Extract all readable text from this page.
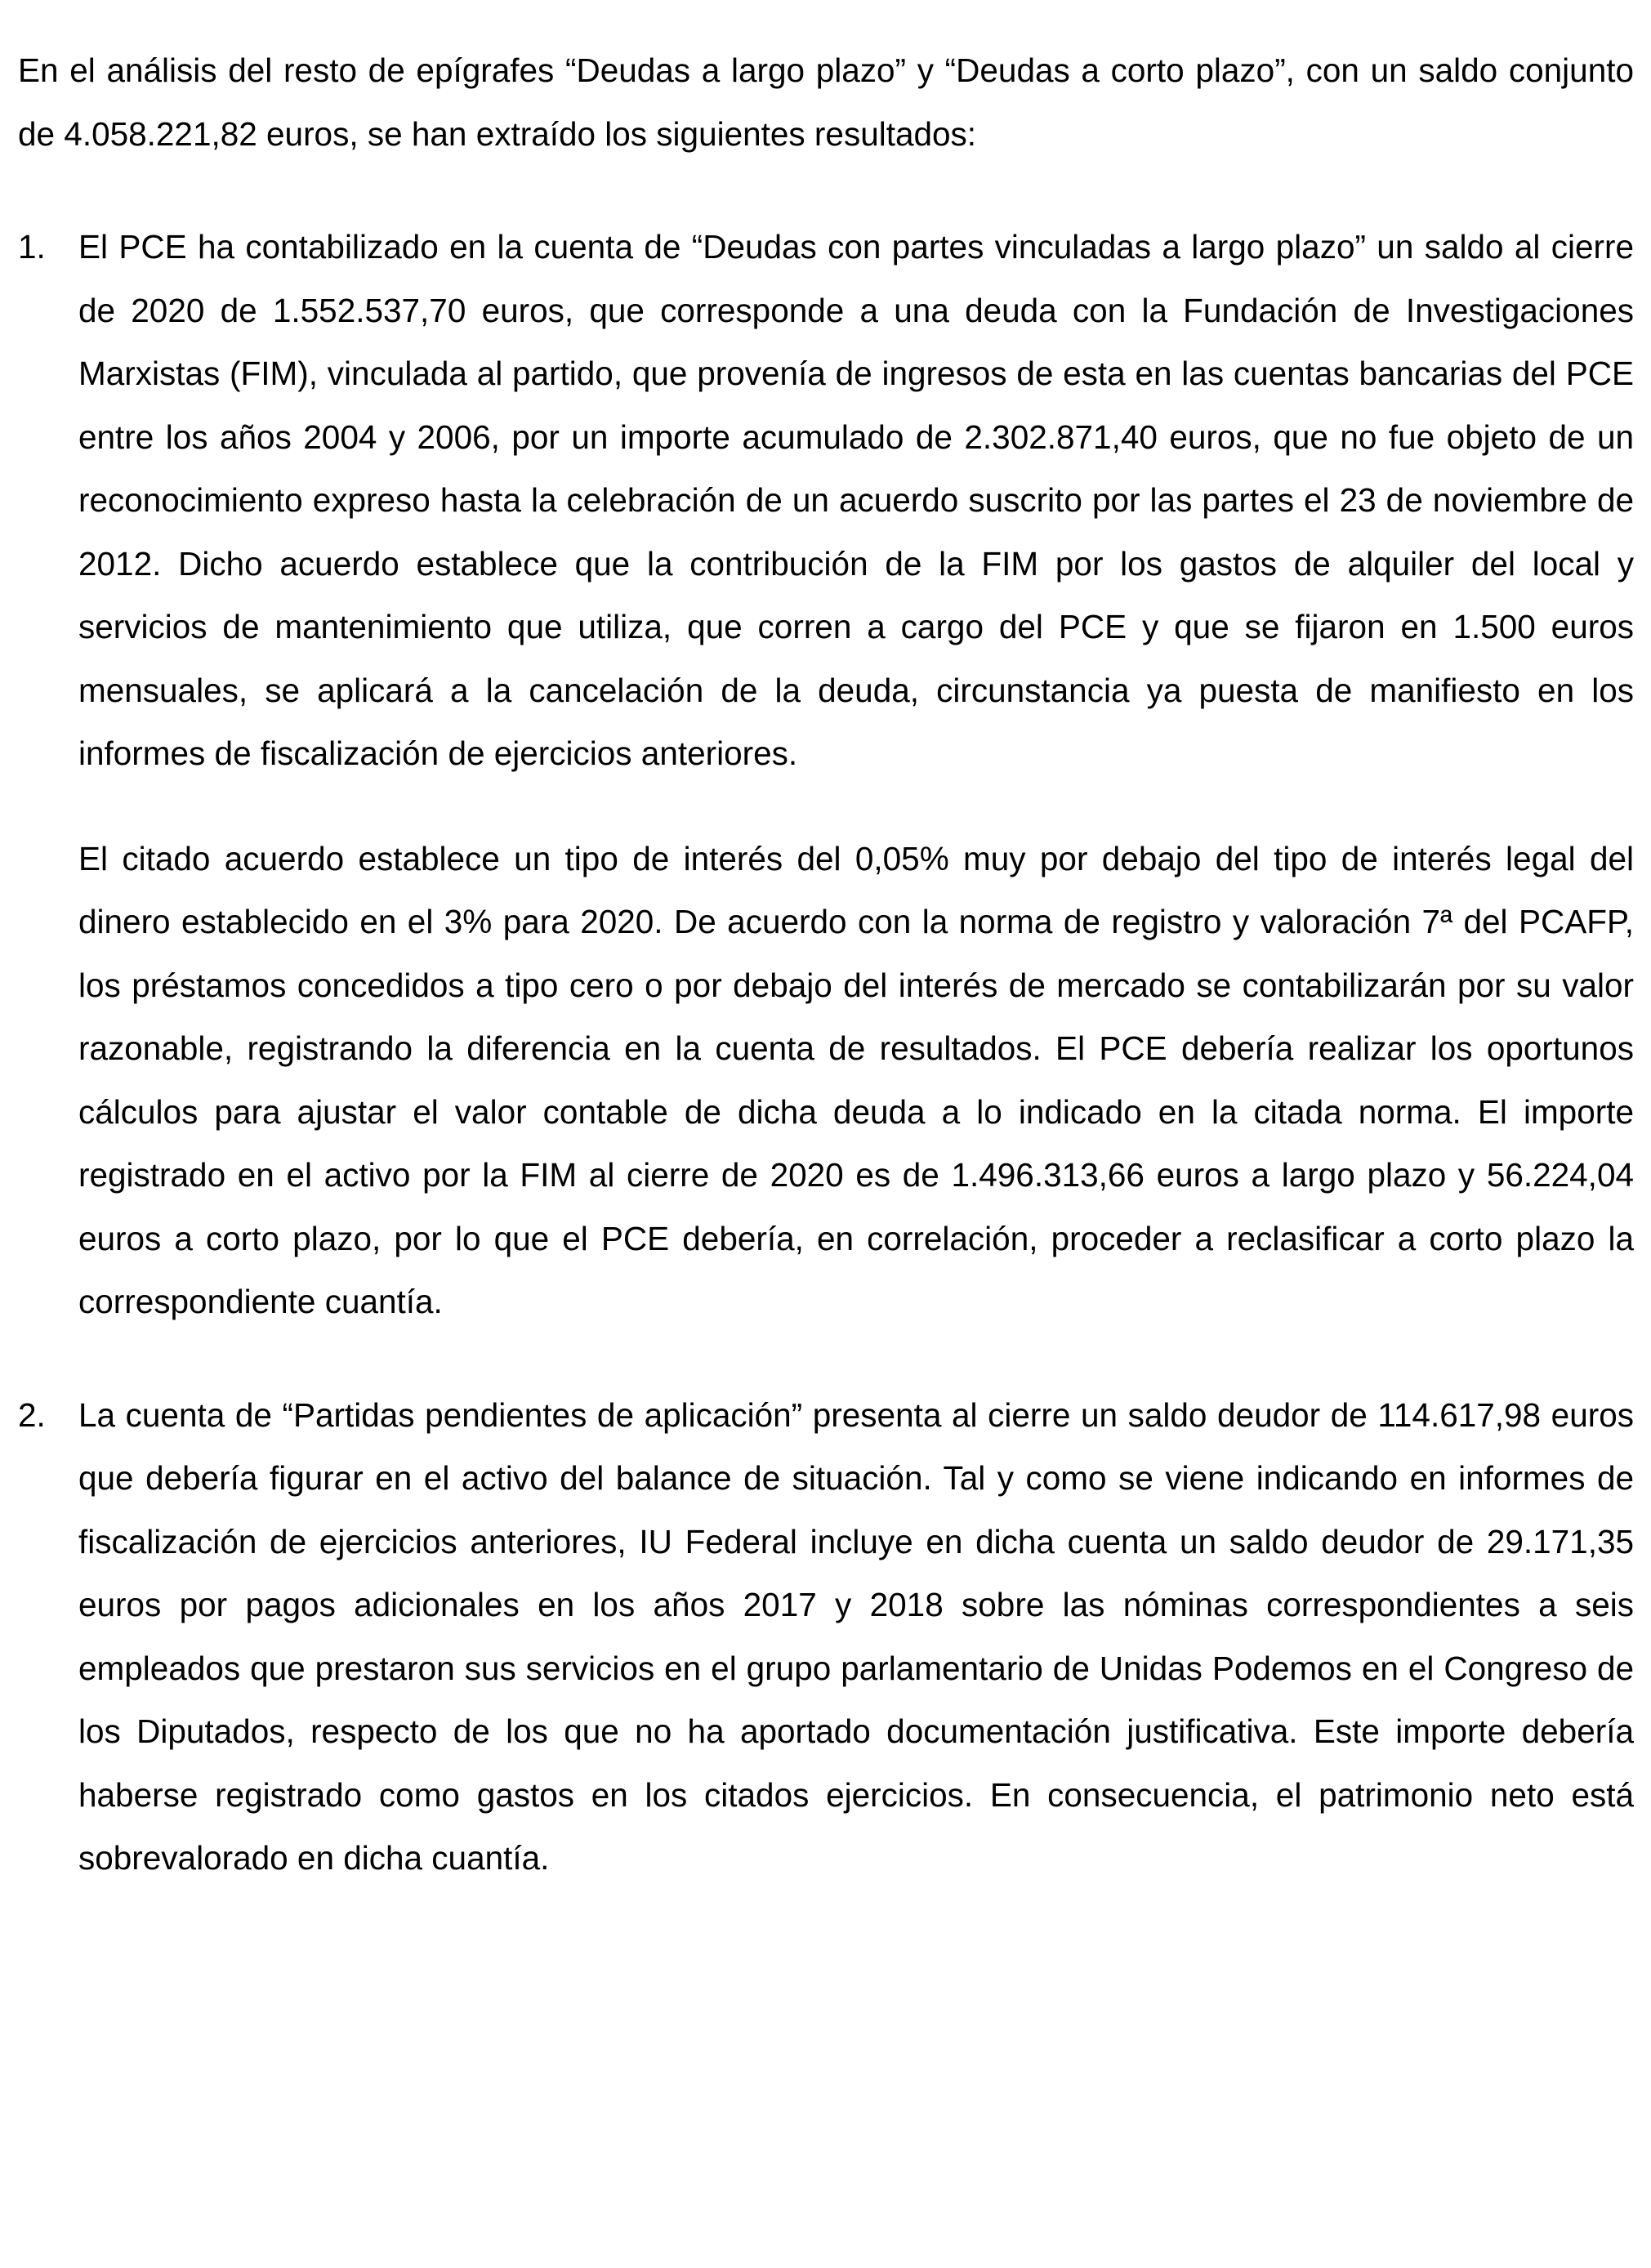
En el análisis del resto de epígrafes “Deudas a largo plazo” y “Deudas a corto plazo”, con un saldo conjunto de 4.058.221,82 euros, se han extraído los siguientes resultados:

1. El PCE ha contabilizado en la cuenta de “Deudas con partes vinculadas a largo plazo” un saldo al cierre de 2020 de 1.552.537,70 euros, que corresponde a una deuda con la Fundación de Investigaciones Marxistas (FIM), vinculada al partido, que provenía de ingresos de esta en las cuentas bancarias del PCE entre los años 2004 y 2006, por un importe acumulado de 2.302.871,40 euros, que no fue objeto de un reconocimiento expreso hasta la celebración de un acuerdo suscrito por las partes el 23 de noviembre de 2012. Dicho acuerdo establece que la contribución de la FIM por los gastos de alquiler del local y servicios de mantenimiento que utiliza, que corren a cargo del PCE y que se fijaron en 1.500 euros mensuales, se aplicará a la cancelación de la deuda, circunstancia ya puesta de manifiesto en los informes de fiscalización de ejercicios anteriores.

El citado acuerdo establece un tipo de interés del 0,05% muy por debajo del tipo de interés legal del dinero establecido en el 3% para 2020. De acuerdo con la norma de registro y valoración 7ª del PCAFP, los préstamos concedidos a tipo cero o por debajo del interés de mercado se contabilizarán por su valor razonable, registrando la diferencia en la cuenta de resultados. El PCE debería realizar los oportunos cálculos para ajustar el valor contable de dicha deuda a lo indicado en la citada norma. El importe registrado en el activo por la FIM al cierre de 2020 es de 1.496.313,66 euros a largo plazo y 56.224,04 euros a corto plazo, por lo que el PCE debería, en correlación, proceder a reclasificar a corto plazo la correspondiente cuantía.

2. La cuenta de “Partidas pendientes de aplicación” presenta al cierre un saldo deudor de 114.617,98 euros que debería figurar en el activo del balance de situación. Tal y como se viene indicando en informes de fiscalización de ejercicios anteriores, IU Federal incluye en dicha cuenta un saldo deudor de 29.171,35 euros por pagos adicionales en los años 2017 y 2018 sobre las nóminas correspondientes a seis empleados que prestaron sus servicios en el grupo parlamentario de Unidas Podemos en el Congreso de los Diputados, respecto de los que no ha aportado documentación justificativa. Este importe debería haberse registrado como gastos en los citados ejercicios. En consecuencia, el patrimonio neto está sobrevalorado en dicha cuantía.
